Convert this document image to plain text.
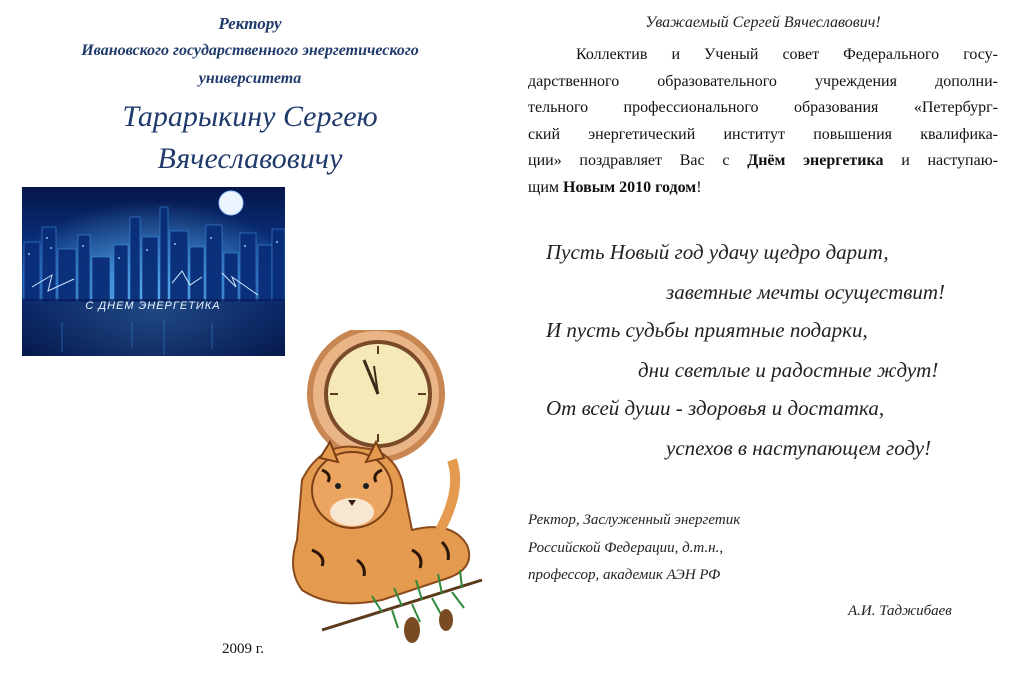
Ректору
Ивановского государственного энергетического
университета
Тарарыкину Сергею
Вячеславовичу
С ДНЕМ ЭНЕРГЕТИКА
2009 г.
Уважаемый Сергей Вячеславович!
Коллектив и Ученый совет Федерального госу-
дарственного образовательного учреждения дополни-
тельного профессионального образования «Петербург-
ский энергетический институт повышения квалифика-
ции» поздравляет Вас с Днём энергетика и наступаю-
щим Новым 2010 годом!
Пусть Новый год удачу щедро дарит,
заветные мечты осуществит!
И пусть судьбы приятные подарки,
дни светлые и радостные ждут!
От всей души - здоровья и достатка,
успехов в наступающем году!
Ректор, Заслуженный энергетик
Российской Федерации, д.т.н.,
профессор, академик АЭН РФ
А.И. Таджибаев
